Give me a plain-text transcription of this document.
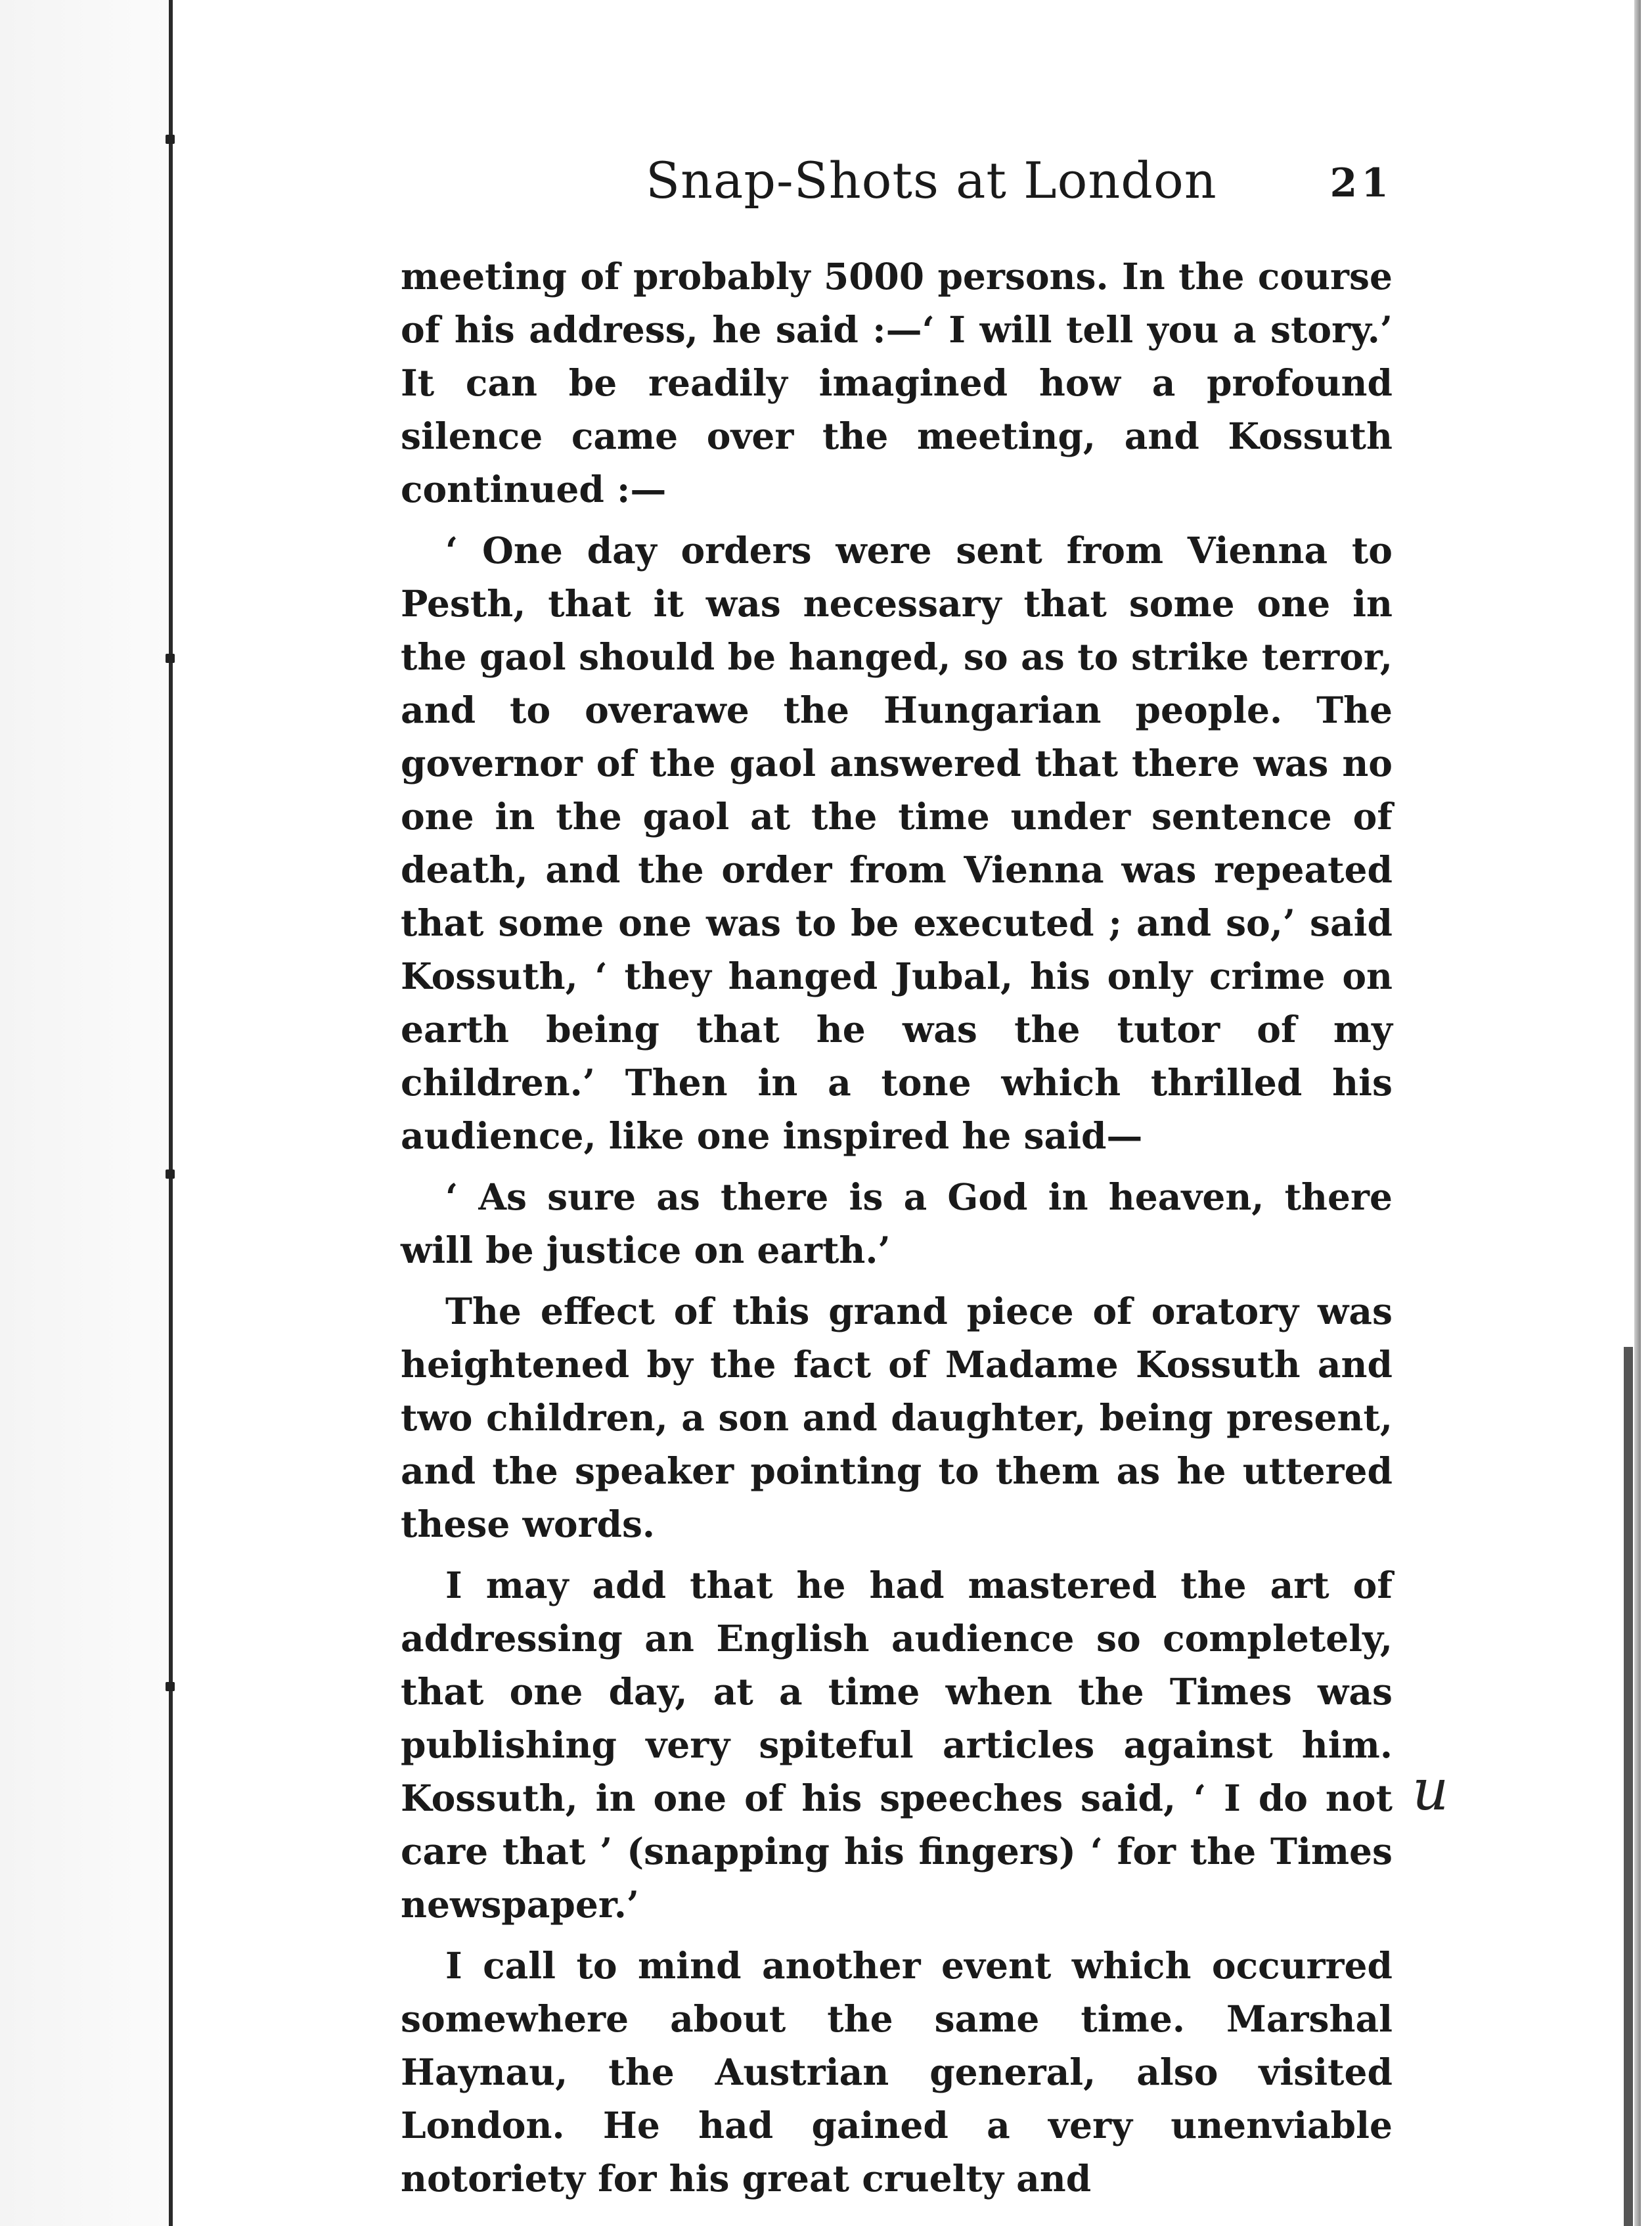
Snap-Shots at London	21

meeting of probably 5000 persons. In the course of his address, he said :—‘ I will tell you a story.’ It can be readily imagined how a profound silence came over the meeting, and Kossuth continued :—

‘ One day orders were sent from Vienna to Pesth, that it was necessary that some one in the gaol should be hanged, so as to strike terror, and to overawe the Hungarian people. The governor of the gaol answered that there was no one in the gaol at the time under sentence of death, and the order from Vienna was repeated that some one was to be executed ; and so,’ said Kossuth, ‘ they hanged Jubal, his only crime on earth being that he was the tutor of my children.’ Then in a tone which thrilled his audience, like one inspired he said—

‘ As sure as there is a God in heaven, there will be justice on earth.’

The effect of this grand piece of oratory was heightened by the fact of Madame Kossuth and two children, a son and daughter, being present, and the speaker pointing to them as he uttered these words.

I may add that he had mastered the art of addressing an English audience so completely, that one day, at a time when the Times was publishing very spiteful articles against him. Kossuth, in one of his speeches said, ‘ I do not care that ’ (snapping his fingers) ‘ for the Times newspaper.’

I call to mind another event which occurred somewhere about the same time. Marshal Haynau, the Austrian general, also visited London. He had gained a very unenviable notoriety for his great cruelty and

u
